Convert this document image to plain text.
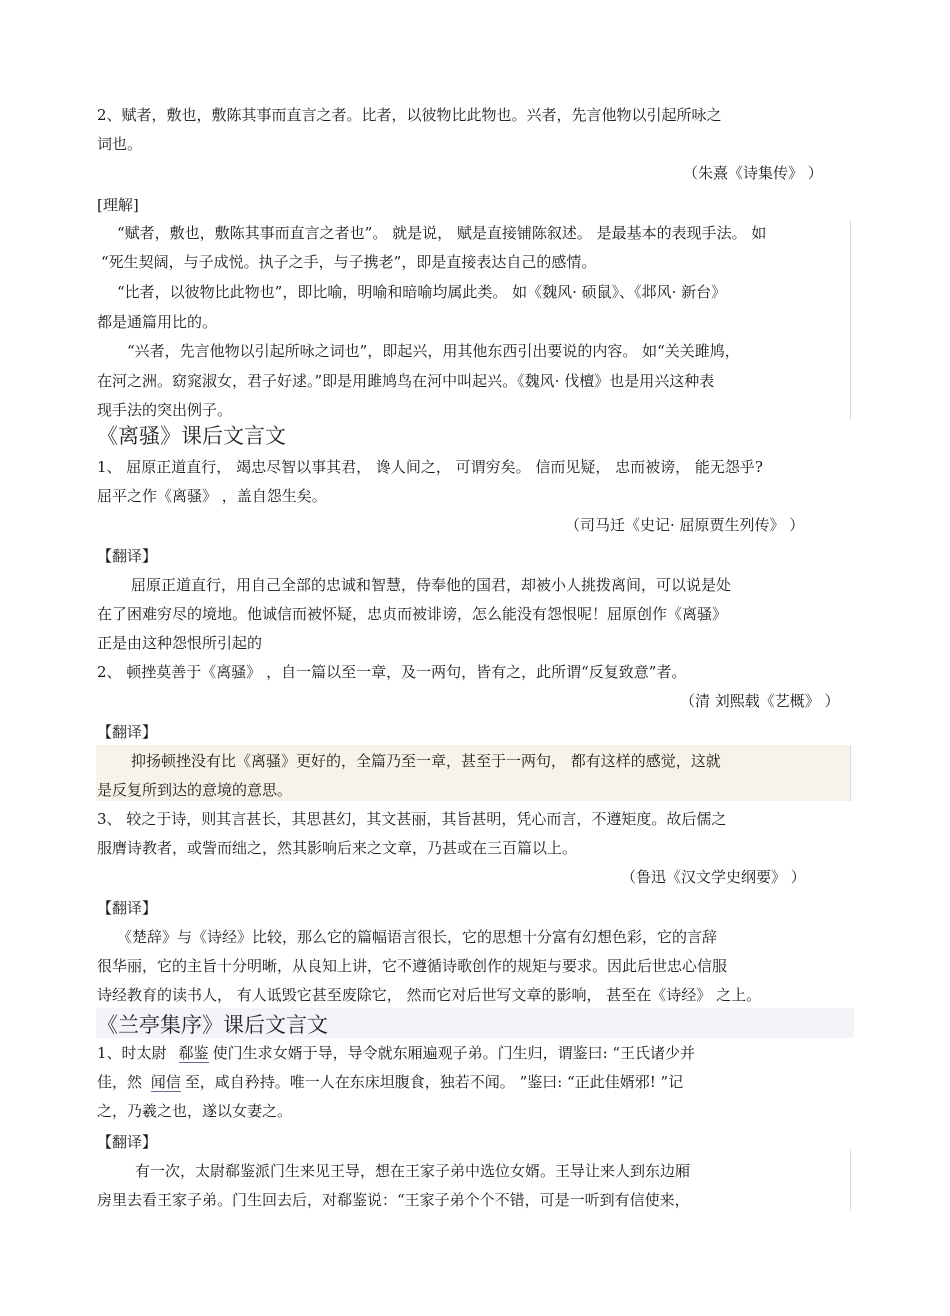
2、赋者，敷也，敷陈其事而直言之者。比者，以彼物比此物也。兴者，先言他物以引起所咏之
词也。
（朱熹《诗集传》 ）
[理解]
“赋者，敷也，敷陈其事而直言之者也”。 就是说， 赋是直接铺陈叙述。 是最基本的表现手法。 如
“死生契阔，与子成悦。执子之手，与子携老”，即是直接表达自己的感情。
“比者，以彼物比此物也”，即比喻，明喻和暗喻均属此类。 如《魏风· 硕鼠》、《邶风· 新台》
都是通篇用比的。
“兴者，先言他物以引起所咏之词也”，即起兴，用其他东西引出要说的内容。 如“关关雎鸠，
在河之洲。窈窕淑女，君子好逑。”即是用雎鸠鸟在河中叫起兴。《魏风· 伐檀》也是用兴这种表
现手法的突出例子。
《离骚》课后文言文
1、 屈原正道直行， 竭忠尽智以事其君， 谗人间之， 可谓穷矣。 信而见疑， 忠而被谤， 能无怨乎?
屈平之作《离骚》 ，盖自怨生矣。
（司马迁《史记· 屈原贾生列传》 ）
【翻译】
屈原正道直行，用自己全部的忠诚和智慧，侍奉他的国君，却被小人挑拨离间，可以说是处
在了困难穷尽的境地。他诚信而被怀疑，忠贞而被诽谤，怎么能没有怨恨呢！屈原创作《离骚》
正是由这种怨恨所引起的
2、 顿挫莫善于《离骚》 ，自一篇以至一章，及一两句，皆有之，此所谓“反复致意”者。
（清 刘熙载《艺概》 ）
【翻译】
抑扬顿挫没有比《离骚》更好的，全篇乃至一章，甚至于一两句， 都有这样的感觉，这就
是反复所到达的意境的意思。
3、 较之于诗，则其言甚长，其思甚幻，其文甚丽，其旨甚明，凭心而言，不遵矩度。故后儒之
服膺诗教者，或訾而绌之，然其影响后来之文章，乃甚或在三百篇以上。
（鲁迅《汉文学史纲要》 ）
【翻译】
《楚辞》与《诗经》比较，那么它的篇幅语言很长，它的思想十分富有幻想色彩，它的言辞
很华丽，它的主旨十分明晰，从良知上讲，它不遵循诗歌创作的规矩与要求。因此后世忠心信服
诗经教育的读书人， 有人诋毁它甚至废除它， 然而它对后世写文章的影响， 甚至在《诗经》 之上。
《兰亭集序》课后文言文
1、时太尉 郗鉴 使门生求女婿于导，导令就东厢遍观子弟。门生归，谓鉴曰: “王氏诸少并
佳，然 闻信 至，咸自矜持。唯一人在东床坦腹食，独若不闻。 ”鉴曰: “正此佳婿邪! ”记
之，乃羲之也，遂以女妻之。
【翻译】
有一次，太尉郗鉴派门生来见王导，想在王家子弟中选位女婿。王导让来人到东边厢
房里去看王家子弟。门生回去后，对郗鉴说：“王家子弟个个不错，可是一听到有信使来，
